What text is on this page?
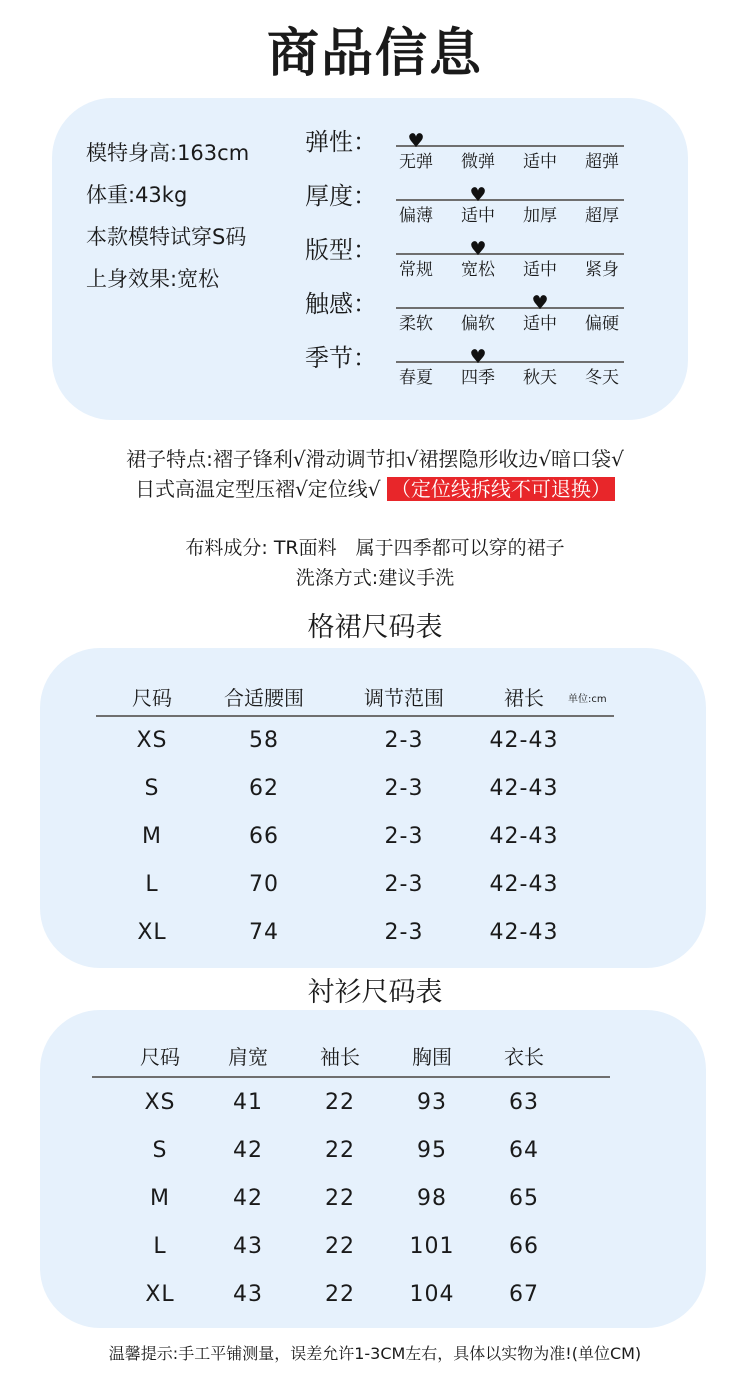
商品信息
模特身高:163cm
体重:43kg
本款模特试穿S码
上身效果:宽松
弹性：
无弹	微弹	适中	超弹
♥
厚度：
偏薄	适中	加厚	超厚
♥
版型：
常规	宽松	适中	紧身
♥
触感：
柔软	偏软	适中	偏硬
♥
季节：
春夏	四季	秋天	冬天
♥
裙子特点:褶子锋利√滑动调节扣√裙摆隐形收边√暗口袋√
日式高温定型压褶√定位线√ （定位线拆线不可退换）
布料成分: TR面料　属于四季都可以穿的裙子
洗涤方式:建议手洗
格裙尺码表
单位:cm
尺码	合适腰围	调节范围	裙长
XS	58	2-3	42-43
S	62	2-3	42-43
M	66	2-3	42-43
L	70	2-3	42-43
XL	74	2-3	42-43
衬衫尺码表
尺码	肩宽	袖长	胸围	衣长
XS	41	22	93	63
S	42	22	95	64
M	42	22	98	65
L	43	22	101	66
XL	43	22	104	67
温馨提示:手工平铺测量，误差允许1-3CM左右，具体以实物为准!(单位CM)
